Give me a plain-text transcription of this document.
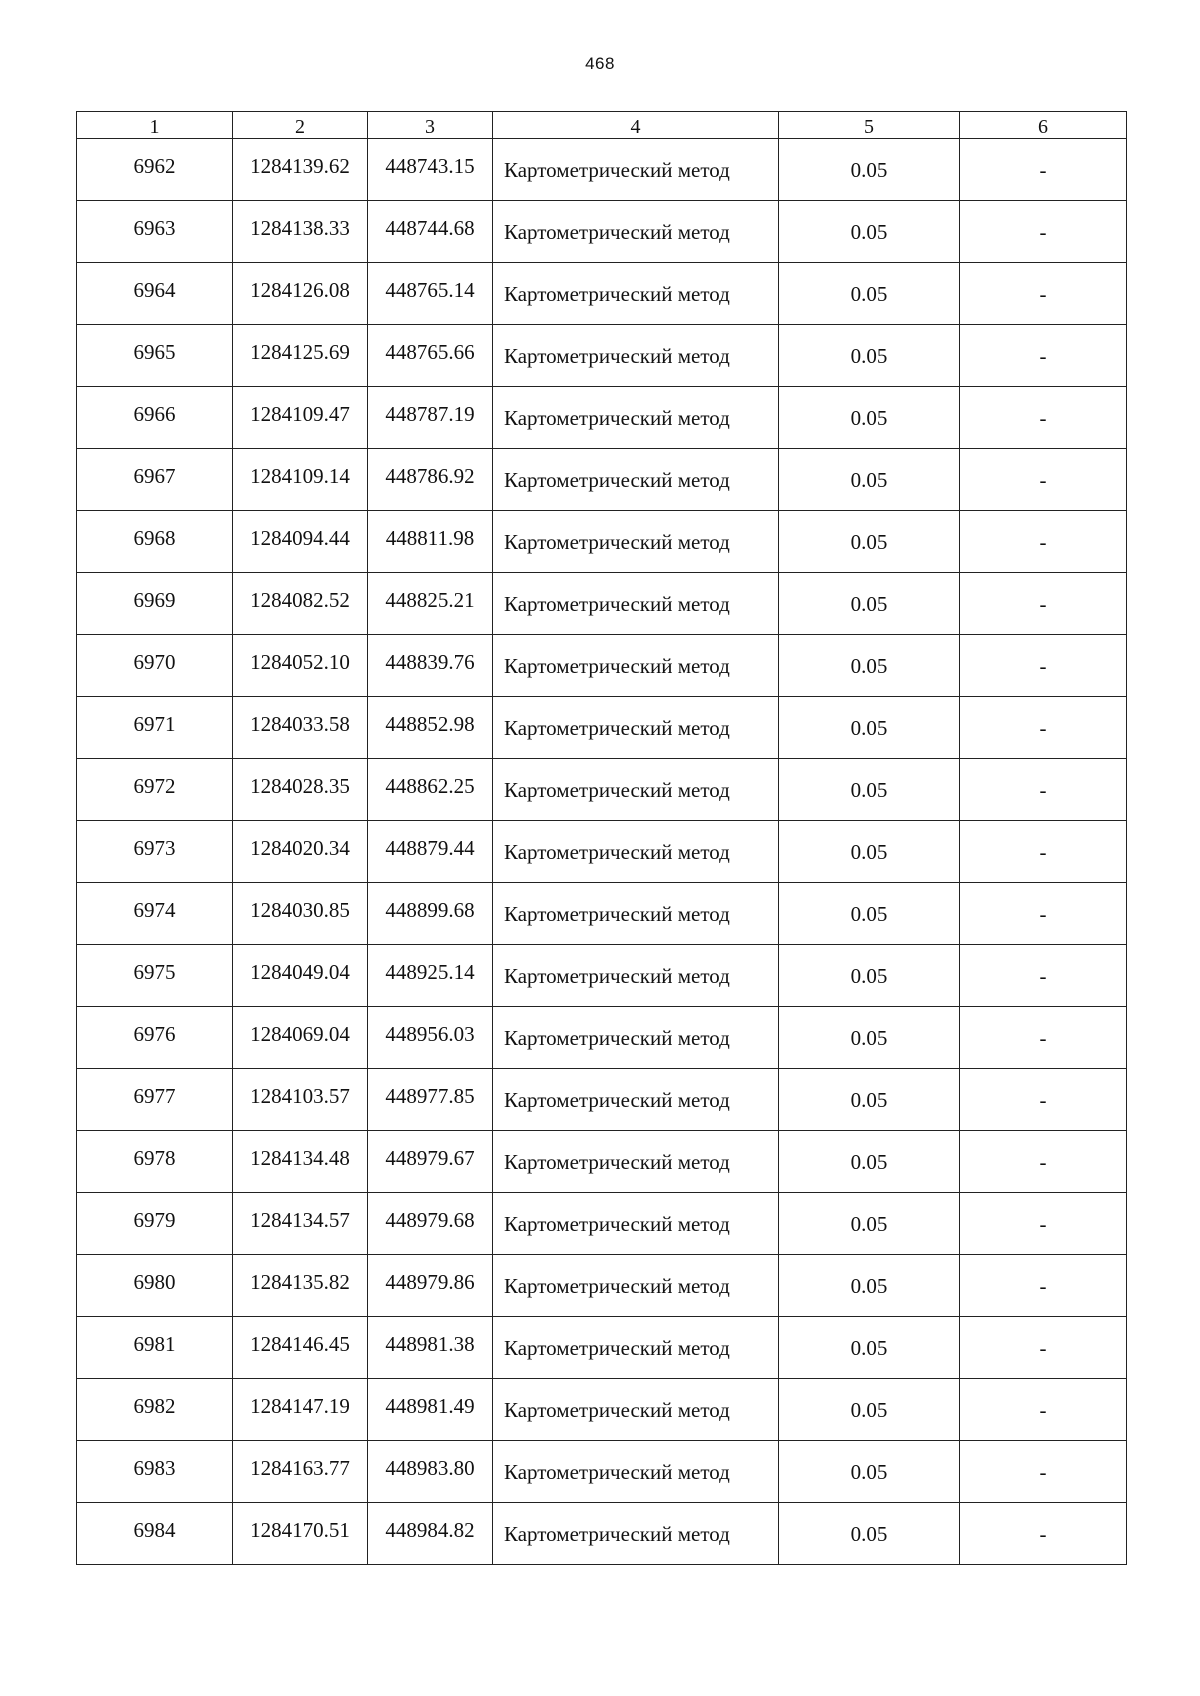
468
1	2	3	4	5	6
6962	1284139.62	448743.15	Картометрический метод	0.05	-
6963	1284138.33	448744.68	Картометрический метод	0.05	-
6964	1284126.08	448765.14	Картометрический метод	0.05	-
6965	1284125.69	448765.66	Картометрический метод	0.05	-
6966	1284109.47	448787.19	Картометрический метод	0.05	-
6967	1284109.14	448786.92	Картометрический метод	0.05	-
6968	1284094.44	448811.98	Картометрический метод	0.05	-
6969	1284082.52	448825.21	Картометрический метод	0.05	-
6970	1284052.10	448839.76	Картометрический метод	0.05	-
6971	1284033.58	448852.98	Картометрический метод	0.05	-
6972	1284028.35	448862.25	Картометрический метод	0.05	-
6973	1284020.34	448879.44	Картометрический метод	0.05	-
6974	1284030.85	448899.68	Картометрический метод	0.05	-
6975	1284049.04	448925.14	Картометрический метод	0.05	-
6976	1284069.04	448956.03	Картометрический метод	0.05	-
6977	1284103.57	448977.85	Картометрический метод	0.05	-
6978	1284134.48	448979.67	Картометрический метод	0.05	-
6979	1284134.57	448979.68	Картометрический метод	0.05	-
6980	1284135.82	448979.86	Картометрический метод	0.05	-
6981	1284146.45	448981.38	Картометрический метод	0.05	-
6982	1284147.19	448981.49	Картометрический метод	0.05	-
6983	1284163.77	448983.80	Картометрический метод	0.05	-
6984	1284170.51	448984.82	Картометрический метод	0.05	-
